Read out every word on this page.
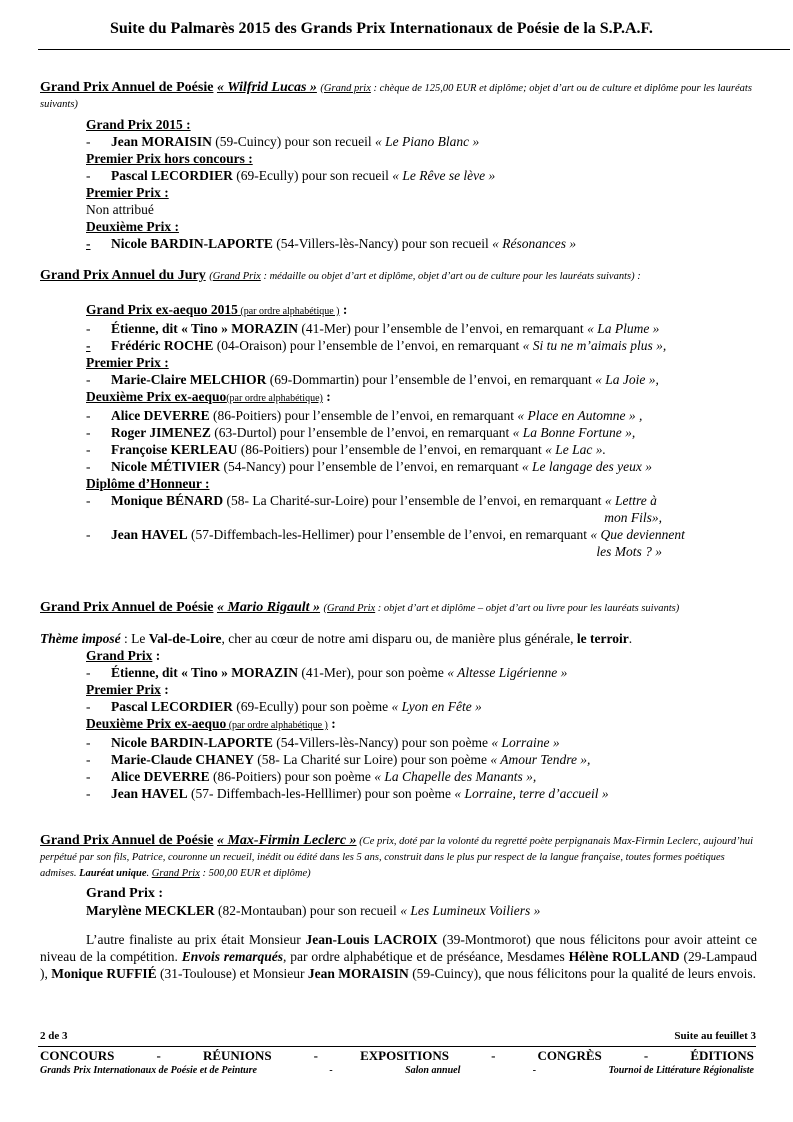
Suite du Palmarès 2015 des Grands Prix Internationaux de Poésie de la S.P.A.F.
Grand Prix Annuel de Poésie « Wilfrid Lucas » (Grand prix : chèque de 125,00 EUR et diplôme; objet d’art ou de culture et diplôme pour les lauréats suivants)
Grand Prix 2015 :
- Jean MORAISIN (59-Cuincy) pour son recueil « Le Piano Blanc »
Premier Prix hors concours :
- Pascal LECORDIER (69-Ecully) pour son recueil « Le Rêve se lève »
Premier Prix :
Non attribué
Deuxième Prix :
- Nicole BARDIN-LAPORTE (54-Villers-lès-Nancy) pour son recueil « Résonances »
Grand Prix Annuel du Jury (Grand Prix : médaille ou objet d’art et diplôme, objet d’art ou de culture pour les lauréats suivants) :
Grand Prix ex-aequo 2015 (par ordre alphabétique ) :
- Étienne, dit « Tino » MORAZIN (41-Mer) pour l’ensemble de l’envoi, en remarquant « La Plume »
- Frédéric ROCHE (04-Oraison) pour l’ensemble de l’envoi, en remarquant « Si tu ne m’aimais plus »,
Premier Prix :
- Marie-Claire MELCHIOR (69-Dommartin) pour l’ensemble de l’envoi, en remarquant « La Joie »,
Deuxième Prix ex-aequo(par ordre alphabétique) :
- Alice DEVERRE (86-Poitiers) pour l’ensemble de l’envoi, en remarquant « Place en Automne » ,
- Roger JIMENEZ (63-Durtol) pour l’ensemble de l’envoi, en remarquant « La Bonne Fortune »,
- Françoise KERLEAU (86-Poitiers) pour l’ensemble de l’envoi, en remarquant « Le Lac ».
- Nicole MÉTIVIER (54-Nancy) pour l’ensemble de l’envoi, en remarquant « Le langage des yeux »
Diplôme d’Honneur :
- Monique BÉNARD (58- La Charité-sur-Loire) pour l’ensemble de l’envoi, en remarquant « Lettre à
mon Fils»,
- Jean HAVEL (57-Diffembach-les-Hellimer) pour l’ensemble de l’envoi, en remarquant « Que deviennent
les Mots ? »
Grand Prix Annuel de Poésie « Mario Rigault » (Grand Prix : objet d’art et diplôme – objet d’art ou livre pour les lauréats suivants)
Thème imposé : Le Val-de-Loire, cher au cœur de notre ami disparu ou, de manière plus générale, le terroir.
Grand Prix :
- Étienne, dit « Tino » MORAZIN (41-Mer), pour son poème « Altesse Ligérienne »
Premier Prix :
- Pascal LECORDIER (69-Ecully) pour son poème « Lyon en Fête »
Deuxième Prix ex-aequo (par ordre alphabétique ) :
- Nicole BARDIN-LAPORTE (54-Villers-lès-Nancy) pour son poème « Lorraine »
- Marie-Claude CHANEY (58- La Charité sur Loire) pour son poème « Amour Tendre »,
- Alice DEVERRE (86-Poitiers) pour son poème « La Chapelle des Manants »,
- Jean HAVEL (57- Diffembach-les-Helllimer) pour son poème « Lorraine, terre d’accueil »
Grand Prix Annuel de Poésie « Max-Firmin Leclerc » (Ce prix, doté par la volonté du regretté poète perpignanais Max-Firmin Leclerc, aujourd’hui perpétué par son fils, Patrice, couronne un recueil, inédit ou édité dans les 5 ans, construit dans le plus pur respect de la langue française, toutes formes poétiques admises. Lauréat unique. Grand Prix : 500,00 EUR et diplôme)
Grand Prix :
Marylène MECKLER (82-Montauban) pour son recueil « Les Lumineux Voiliers »
L’autre finaliste au prix était Monsieur Jean-Louis LACROIX (39-Montmorot) que nous félicitons pour avoir atteint ce niveau de la compétition. Envois remarqués, par ordre alphabétique et de préséance, Mesdames Hélène ROLLAND (29-Lampaud ), Monique RUFFIÉ (31-Toulouse) et Monsieur Jean MORAISIN (59-Cuincy), que nous félicitons pour la qualité de leurs envois.
2 de 3	Suite au feuillet 3
CONCOURS	-	RÉUNIONS	-	EXPOSITIONS	-	CONGRÈS	-	ÉDITIONS
Grands Prix Internationaux de Poésie et de Peinture	-	Salon annuel	-	Tournoi de Littérature Régionaliste
